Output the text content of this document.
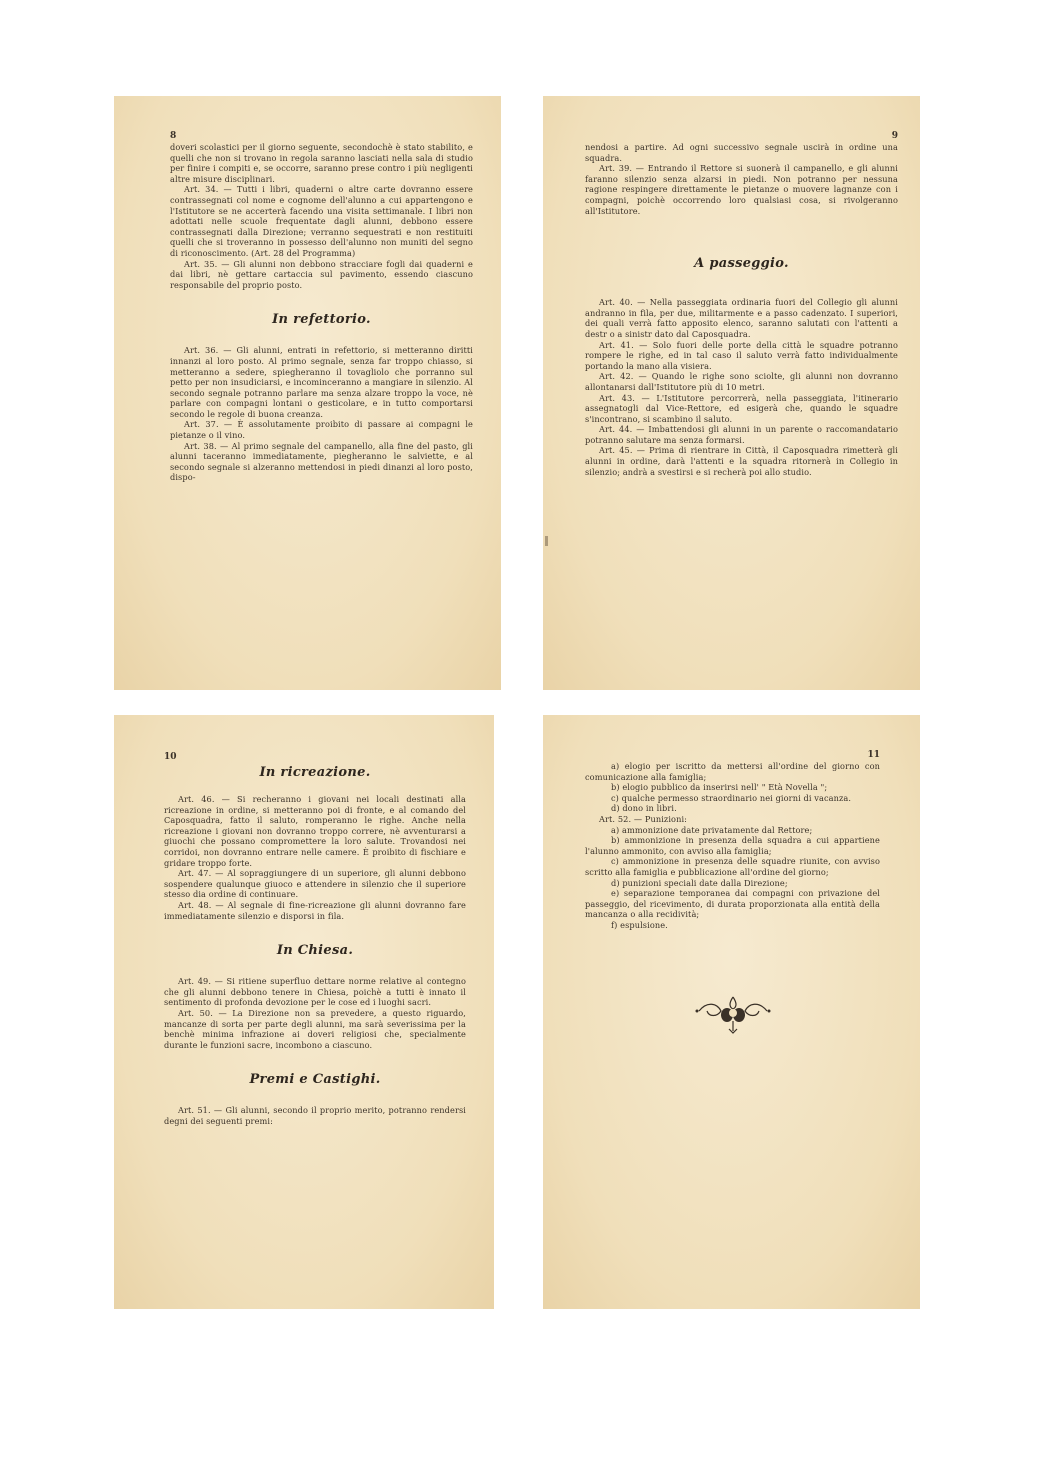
8

doveri scolastici per il giorno seguente, secondochè è stato stabilito, e quelli che non si trovano in regola saranno lasciati nella sala di studio per finire i compiti e, se occorre, saranno prese contro i più negligenti altre misure disciplinari.

Art. 34. — Tutti i libri, quaderni o altre carte dovranno essere contrassegnati col nome e cognome dell'alunno a cui appartengono e l'Istitutore se ne accerterà facendo una visita settimanale. I libri non adottati nelle scuole frequentate dagli alunni, debbono essere contrassegnati dalla Direzione; verranno sequestrati e non restituiti quelli che si troveranno in possesso dell'alunno non muniti del segno di riconoscimento. (Art. 28 del Programma)

Art. 35. — Gli alunni non debbono stracciare fogli dai quaderni e dai libri, nè gettare cartaccia sul pavimento, essendo ciascuno responsabile del proprio posto.

In refettorio.

Art. 36. — Gli alunni, entrati in refettorio, si metteranno diritti innanzi al loro posto. Al primo segnale, senza far troppo chiasso, si metteranno a sedere, spiegheranno il tovagliolo che porranno sul petto per non insudiciarsi, e incominceranno a mangiare in silenzio. Al secondo segnale potranno parlare ma senza alzare troppo la voce, nè parlare con compagni lontani o gesticolare, e in tutto comportarsi secondo le regole di buona creanza.

Art. 37. — È assolutamente proibito di passare ai compagni le pietanze o il vino.

Art. 38. — Al primo segnale del campanello, alla fine del pasto, gli alunni taceranno immediatamente, piegheranno le salviette, e al secondo segnale si alzeranno mettendosi in piedi dinanzi al loro posto, dispo-

9

nendosi a partire. Ad ogni successivo segnale uscirà in ordine una squadra.

Art. 39. — Entrando il Rettore si suonerà il campanello, e gli alunni faranno silenzio senza alzarsi in piedi. Non potranno per nessuna ragione respingere direttamente le pietanze o muovere lagnanze con i compagni, poichè occorrendo loro qualsiasi cosa, si rivolgeranno all'Istitutore.

A passeggio.

Art. 40. — Nella passeggiata ordinaria fuori del Collegio gli alunni andranno in fila, per due, militarmente e a passo cadenzato. I superiori, dei quali verrà fatto apposito elenco, saranno salutati con l'attenti a destr o a sinistr dato dal Caposquadra.

Art. 41. — Solo fuori delle porte della città le squadre potranno rompere le righe, ed in tal caso il saluto verrà fatto individualmente portando la mano alla visiera.

Art. 42. — Quando le righe sono sciolte, gli alunni non dovranno allontanarsi dall'Istitutore più di 10 metri.

Art. 43. — L'Istitutore percorrerà, nella passeggiata, l'itinerario assegnatogli dal Vice-Rettore, ed esigerà che, quando le squadre s'incontrano, si scambino il saluto.

Art. 44. — Imbattendosi gli alunni in un parente o raccomandatario potranno salutare ma senza formarsi.

Art. 45. — Prima di rientrare in Città, il Caposquadra rimetterà gli alunni in ordine, darà l'attenti e la squadra ritornerà in Collegio in silenzio; andrà a svestirsi e si recherà poi allo studio.

10
In ricreazione.

Art. 46. — Si recheranno i giovani nei locali destinati alla ricreazione in ordine, si metteranno poi di fronte, e al comando del Caposquadra, fatto il saluto, romperanno le righe. Anche nella ricreazione i giovani non dovranno troppo correre, nè avventurarsi a giuochi che possano compromettere la loro salute. Trovandosi nei corridoi, non dovranno entrare nelle camere. È proibito di fischiare e gridare troppo forte.

Art. 47. — Al sopraggiungere di un superiore, gli alunni debbono sospendere qualunque giuoco e attendere in silenzio che il superiore stesso dia ordine di continuare.

Art. 48. — Al segnale di fine-ricreazione gli alunni dovranno fare immediatamente silenzio e disporsi in fila.

In Chiesa.

Art. 49. — Si ritiene superfluo dettare norme relative al contegno che gli alunni debbono tenere in Chiesa, poichè a tutti è innato il sentimento di profonda devozione per le cose ed i luoghi sacri.

Art. 50. — La Direzione non sa prevedere, a questo riguardo, mancanze di sorta per parte degli alunni, ma sarà severissima per la benchè minima infrazione ai doveri religiosi che, specialmente durante le funzioni sacre, incombono a ciascuno.

Premi e Castighi.

Art. 51. — Gli alunni, secondo il proprio merito, potranno rendersi degni dei seguenti premi:

11

a) elogio per iscritto da mettersi all'ordine del giorno con comunicazione alla famiglia;

b) elogio pubblico da inserirsi nell' " Età Novella ";

c) qualche permesso straordinario nei giorni di vacanza.

d) dono in libri.

Art. 52. — Punizioni:

a) ammonizione date privatamente dal Rettore;

b) ammonizione in presenza della squadra a cui appartiene l'alunno ammonito, con avviso alla famiglia;

c) ammonizione in presenza delle squadre riunite, con avviso scritto alla famiglia e pubblicazione all'ordine del giorno;

d) punizioni speciali date dalla Direzione;

e) separazione temporanea dai compagni con privazione del passeggio, del ricevimento, di durata proporzionata alla entità della mancanza o alla recidività;

f) espulsione.
